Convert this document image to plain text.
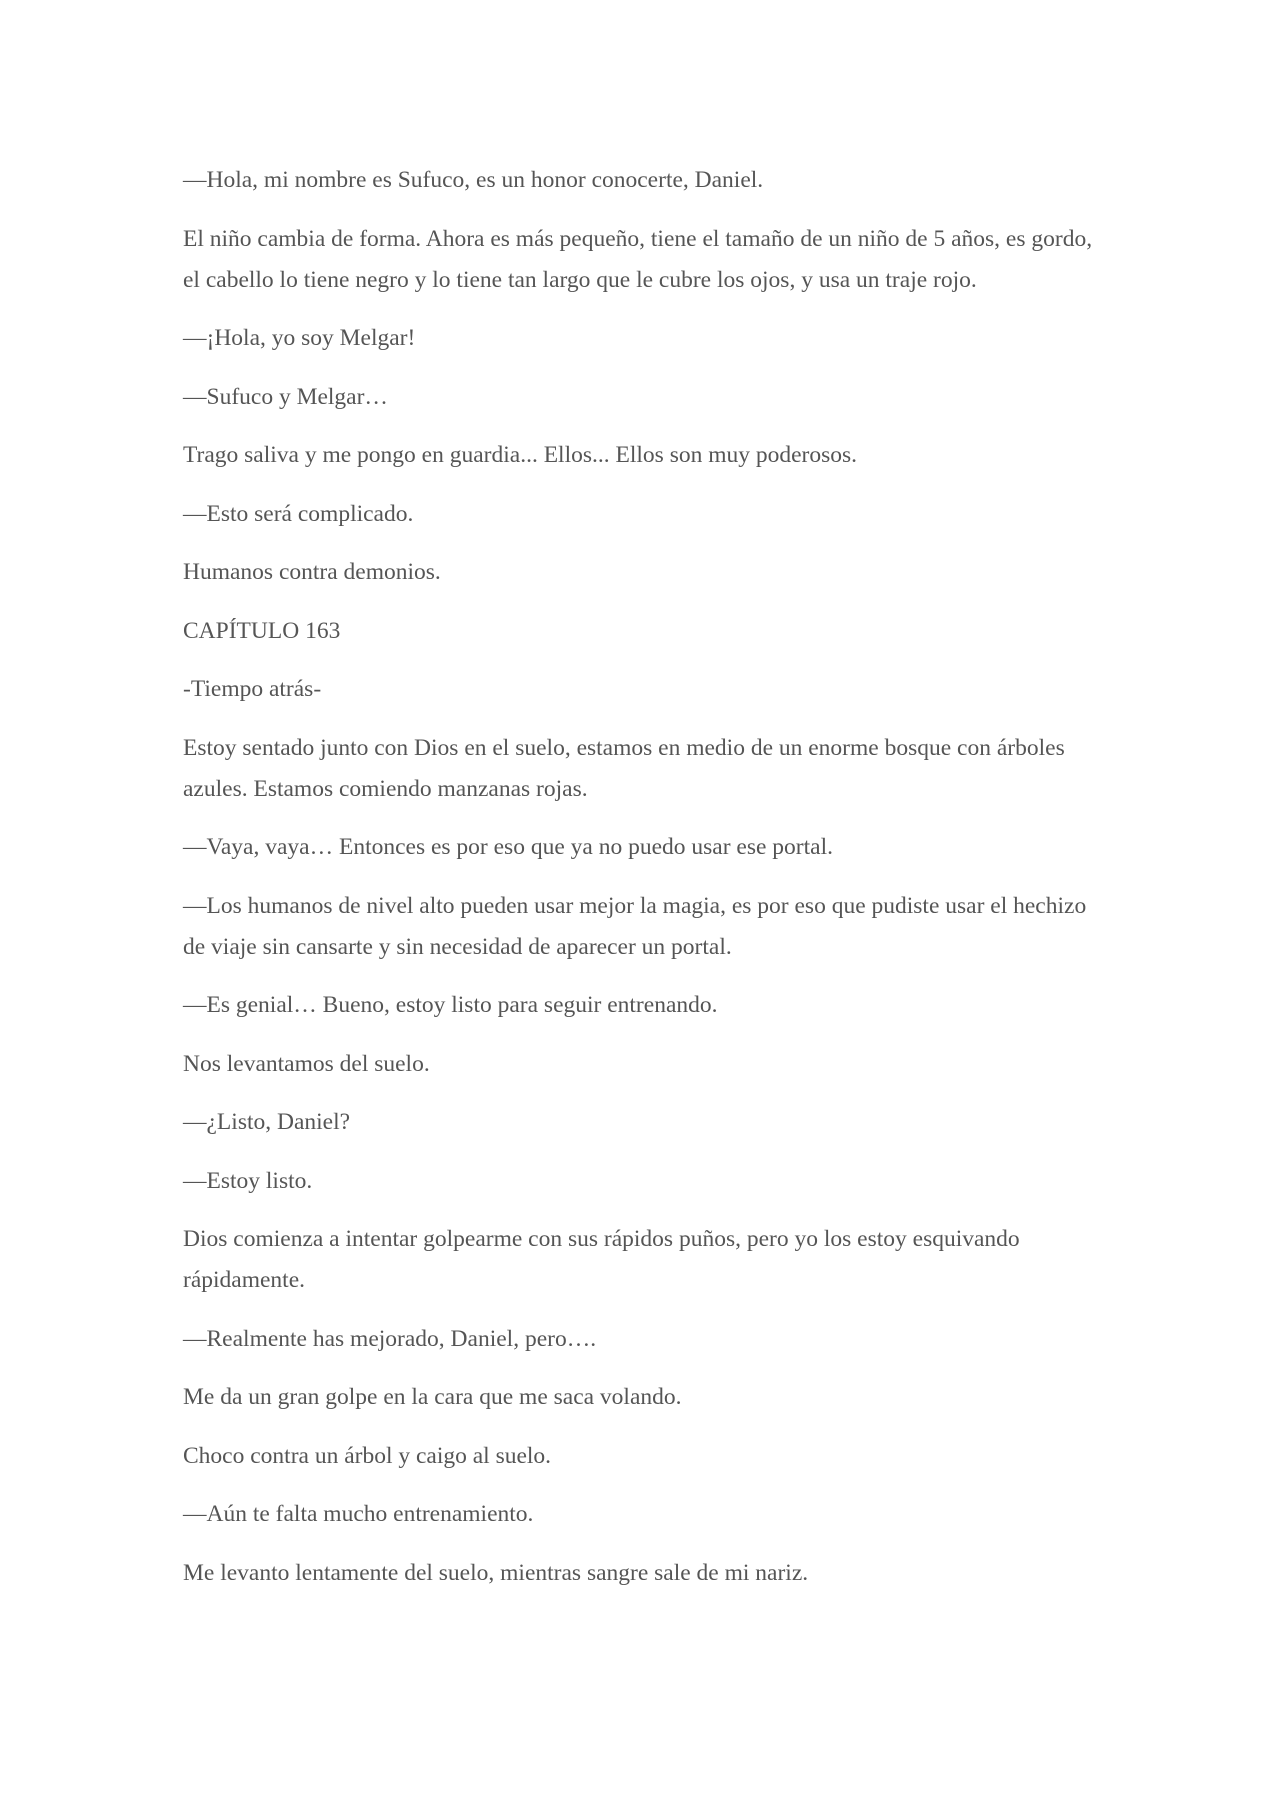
—Hola, mi nombre es Sufuco, es un honor conocerte, Daniel.

El niño cambia de forma. Ahora es más pequeño, tiene el tamaño de un niño de 5 años, es gordo, el cabello lo tiene negro y lo tiene tan largo que le cubre los ojos, y usa un traje rojo.

—¡Hola, yo soy Melgar!

—Sufuco y Melgar…

Trago saliva y me pongo en guardia... Ellos... Ellos son muy poderosos.

—Esto será complicado.

Humanos contra demonios.

CAPÍTULO 163

-Tiempo atrás-

Estoy sentado junto con Dios en el suelo, estamos en medio de un enorme bosque con árboles azules. Estamos comiendo manzanas rojas.

—Vaya, vaya… Entonces es por eso que ya no puedo usar ese portal.

—Los humanos de nivel alto pueden usar mejor la magia, es por eso que pudiste usar el hechizo de viaje sin cansarte y sin necesidad de aparecer un portal.

—Es genial… Bueno, estoy listo para seguir entrenando.

Nos levantamos del suelo.

—¿Listo, Daniel?

—Estoy listo.

Dios comienza a intentar golpearme con sus rápidos puños, pero yo los estoy esquivando rápidamente.

—Realmente has mejorado, Daniel, pero….

Me da un gran golpe en la cara que me saca volando.

Choco contra un árbol y caigo al suelo.

—Aún te falta mucho entrenamiento.

Me levanto lentamente del suelo, mientras sangre sale de mi nariz.
